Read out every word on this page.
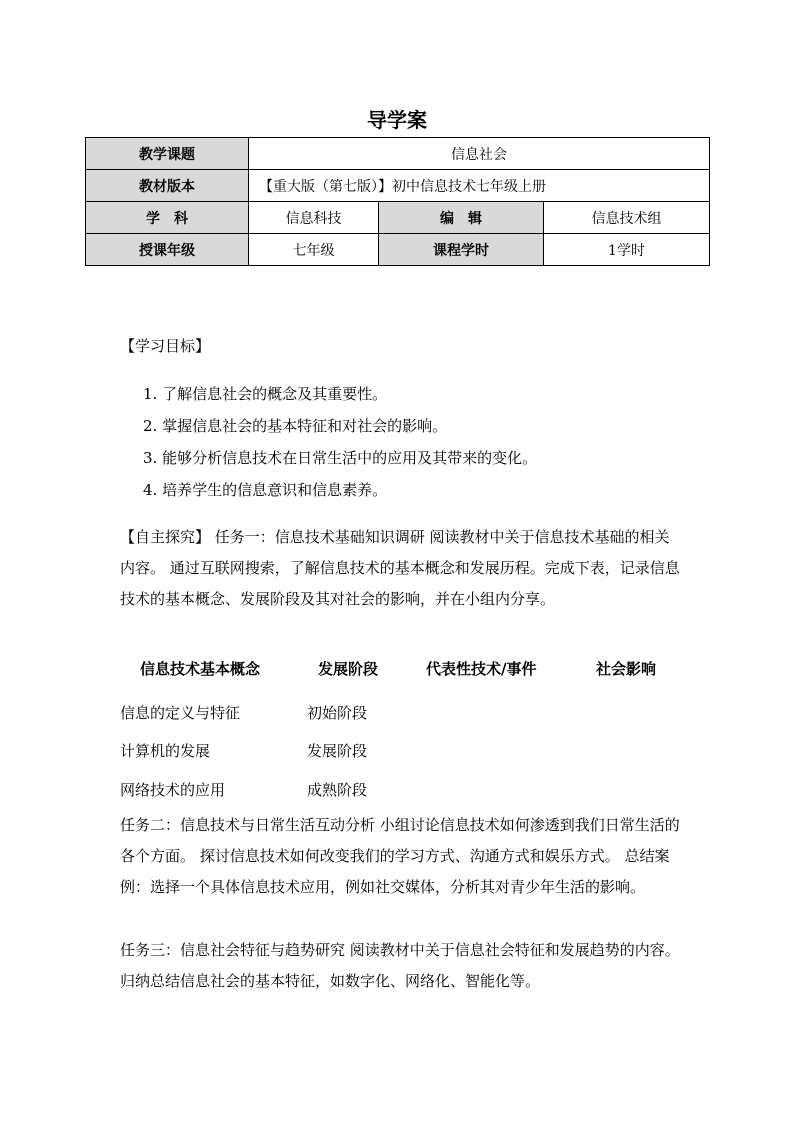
导学案
教学课题	信息社会		
教材版本	【重大版（第七版）】初中信息技术七年级上册		
学　科	信息科技	编　辑	信息技术组
授课年级	七年级	课程学时	1学时
【学习目标】
1. 了解信息社会的概念及其重要性。
2. 掌握信息社会的基本特征和对社会的影响。
3. 能够分析信息技术在日常生活中的应用及其带来的变化。
4. 培养学生的信息意识和信息素养。
【自主探究】 任务一：信息技术基础知识调研 阅读教材中关于信息技术基础的相关内容。 通过互联网搜索，了解信息技术的基本概念和发展历程。完成下表，记录信息技术的基本概念、发展阶段及其对社会的影响，并在小组内分享。
信息技术基本概念	发展阶段	代表性技术/事件	社会影响
信息的定义与特征	初始阶段
计算机的发展	发展阶段
网络技术的应用	成熟阶段
任务二：信息技术与日常生活互动分析 小组讨论信息技术如何渗透到我们日常生活的各个方面。 探讨信息技术如何改变我们的学习方式、沟通方式和娱乐方式。 总结案例：选择一个具体信息技术应用，例如社交媒体，分析其对青少年生活的影响。
任务三：信息社会特征与趋势研究 阅读教材中关于信息社会特征和发展趋势的内容。 归纳总结信息社会的基本特征，如数字化、网络化、智能化等。
